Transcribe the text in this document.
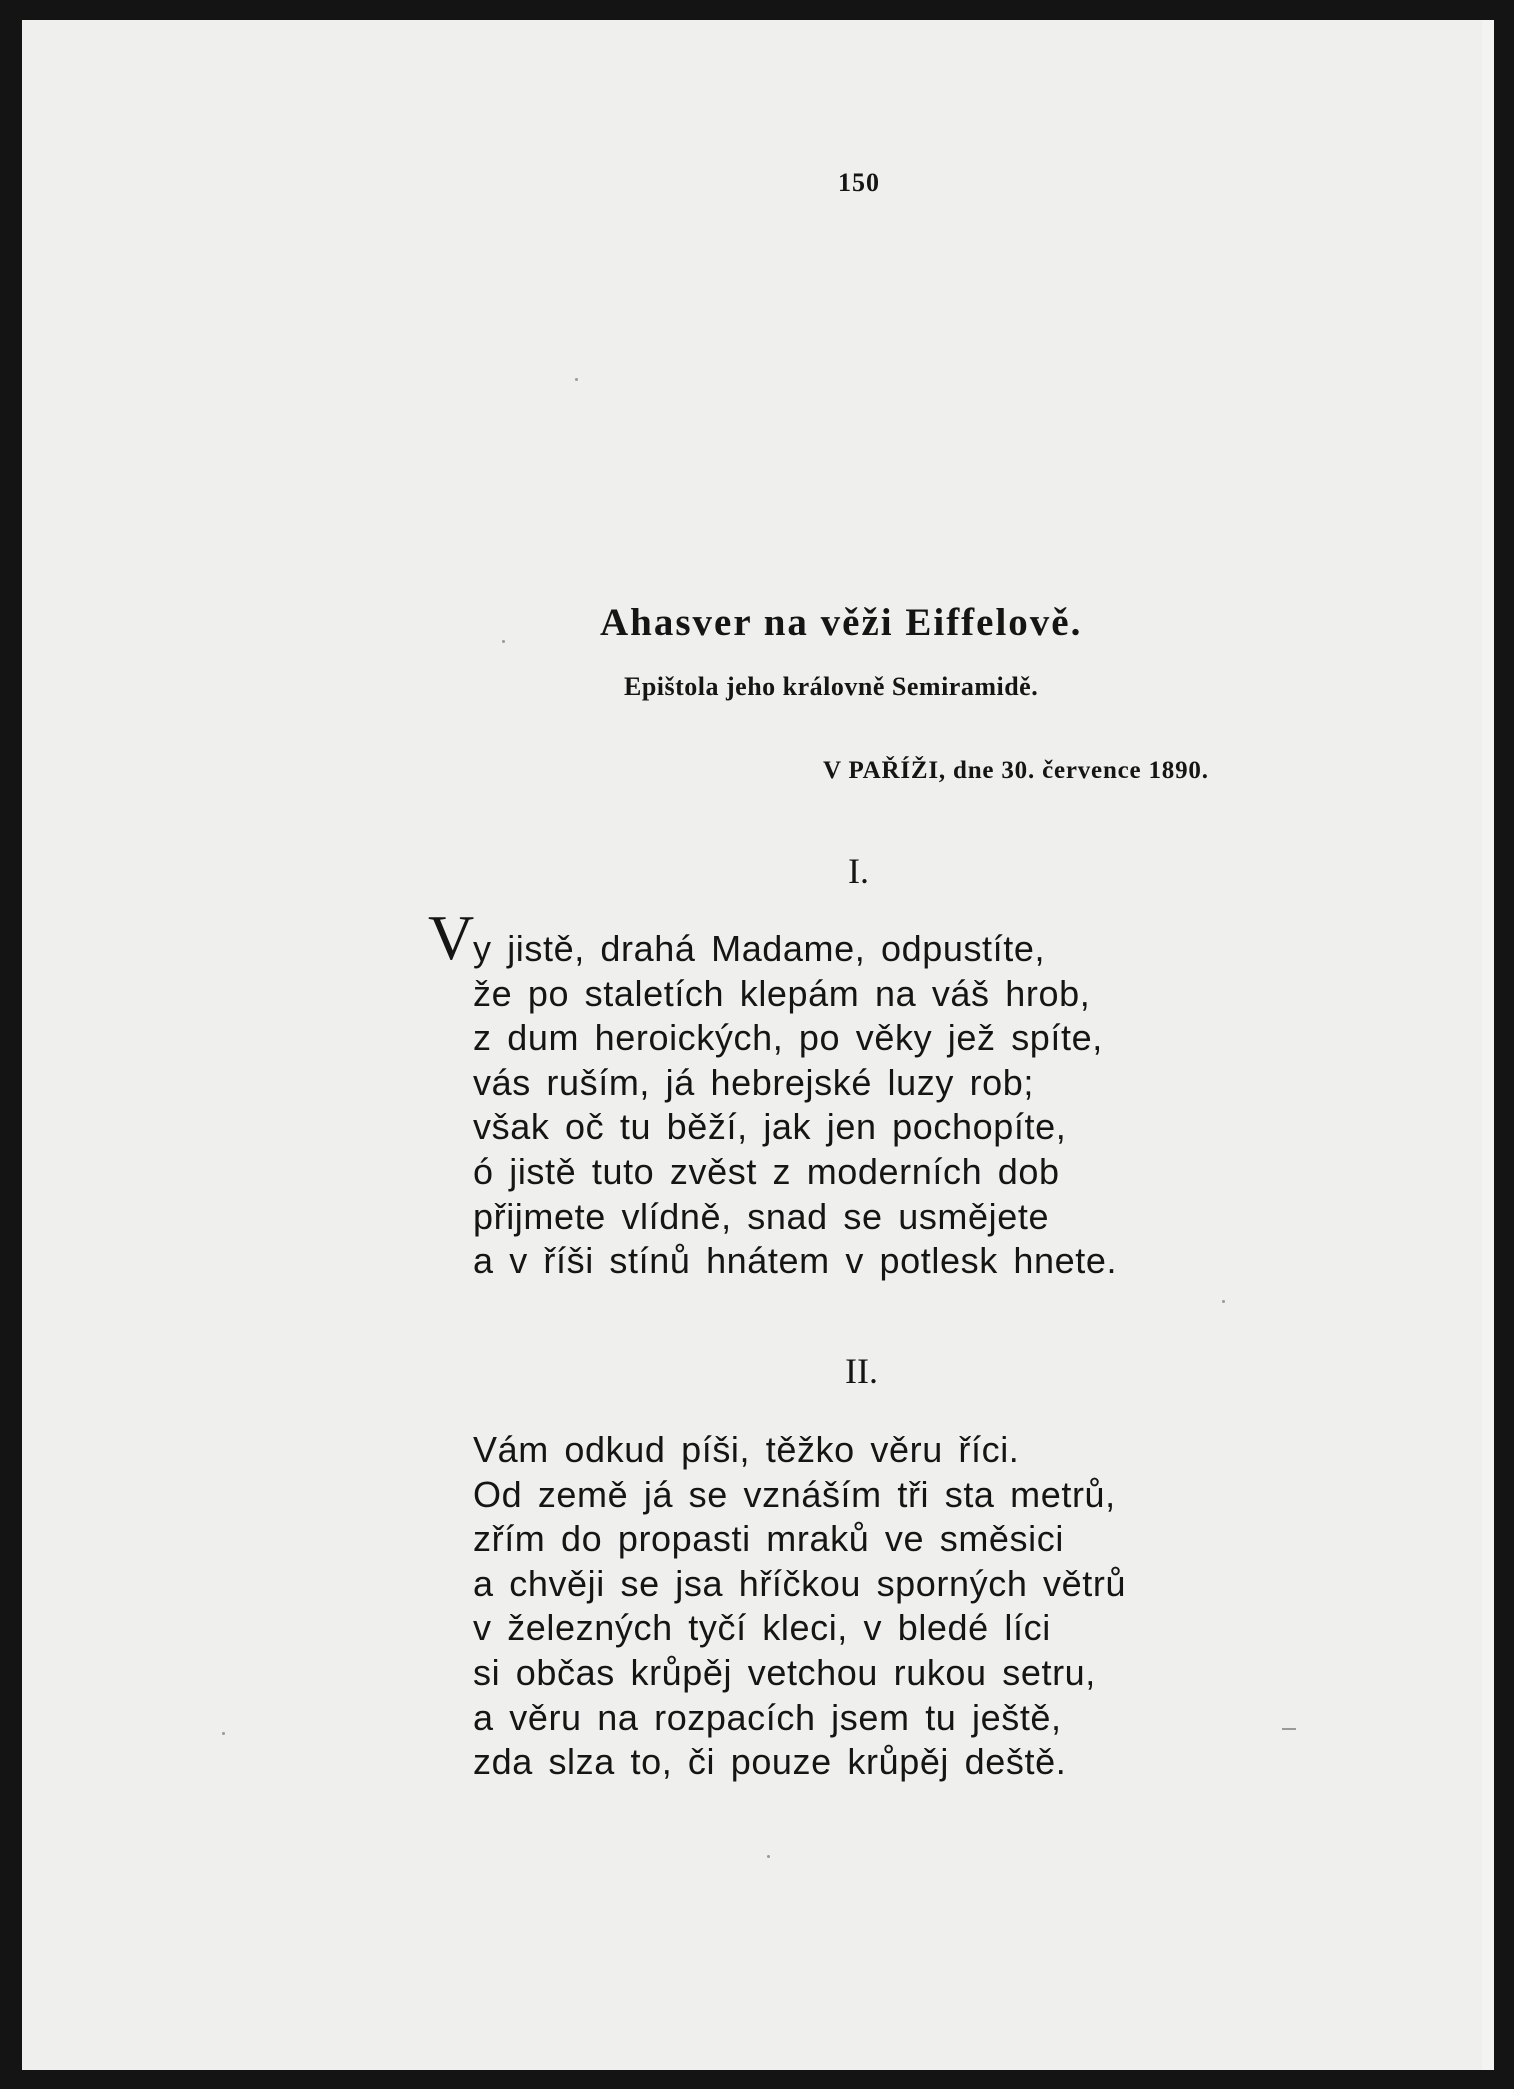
150
Ahasver na věži Eiffelově.
Epištola jeho královně Semiramidě.
V PAŘÍŽI, dne 30. července 1890.
I.
V
y jistě, drahá Madame, odpustíte,
že po staletích klepám na váš hrob,
z dum heroických, po věky jež spíte,
vás ruším, já hebrejské luzy rob;
však oč tu běží, jak jen pochopíte,
ó jistě tuto zvěst z moderních dob
přijmete vlídně, snad se usmějete
a v říši stínů hnátem v potlesk hnete.
II.
Vám odkud píši, těžko věru říci.
Od země já se vznáším tři sta metrů,
zřím do propasti mraků ve směsici
a chvěji se jsa hříčkou sporných větrů
v železných tyčí kleci, v bledé líci
si občas krůpěj vetchou rukou setru,
a věru na rozpacích jsem tu ještě,
zda slza to, či pouze krůpěj deště.
